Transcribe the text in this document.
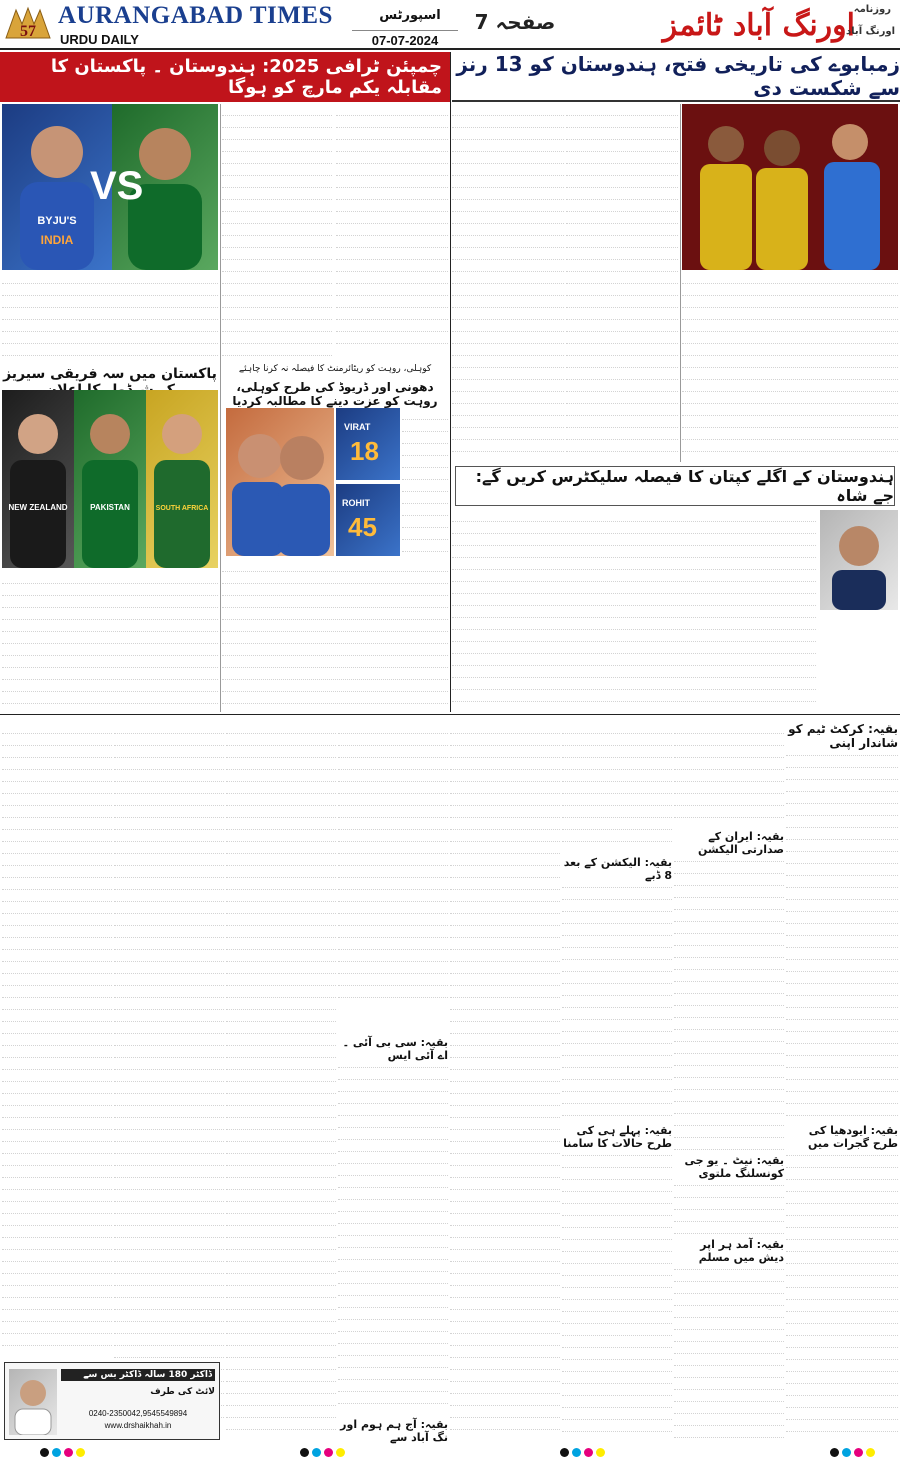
57
AURANGABAD TIMES
URDU DAILY
اسپورٹس
07-07-2024
صفحہ 7
روزنامہ
اورنگ آباد ٹائمز
اورنگ آباد
چمپئن ٹرافی 2025: ہندوستان ۔ پاکستان کا مقابلہ یکم مارچ کو ہوگا
زمبابوے کی تاریخی فتح، ہندوستان کو 13 رنز سے شکست دی
BYJU'S
INDIA
VS
پاکستان میں سہ فریقی سیریز
NEW ZEALAND	PAKISTAN	SOUTH AFRICA
کوہلی، روہت کو ریٹائرمنٹ کا فیصلہ نہ کرنا چاہئے
دھونی اور ڈریوڈ کی طرح کوہلی، روہت کو عزت دینے کا مطالبہ کردیا
VIRAT
18
ROHIT
45
ہندوستان کے اگلے کپتان کا فیصلہ سلیکٹرس کریں گے: جے شاہ
بقیہ: کرکٹ ٹیم کو شاندار اپنی
بقیہ: ایودھیا کی طرح گجرات میں
بقیہ: ایران کے صدارتی الیکشن
بقیہ: نیٹ ۔ یو جی کونسلنگ ملتوی
بقیہ: آمد ہر اپر دیش میں مسلم
بقیہ: الیکشن کے بعد 8 ڈبے
بقیہ: پہلے ہی کی طرح حالات کا سامنا
بقیہ: سی بی آئی ۔ اے آئی ایس
بقیہ: آج ہم ہوم اور نگ آباد سے
ڈاکٹر 180 سالہ ڈاکٹر بس سے
لائٹ کی طرف
0240-2350042,9545549894
www.drshaikhah.in
